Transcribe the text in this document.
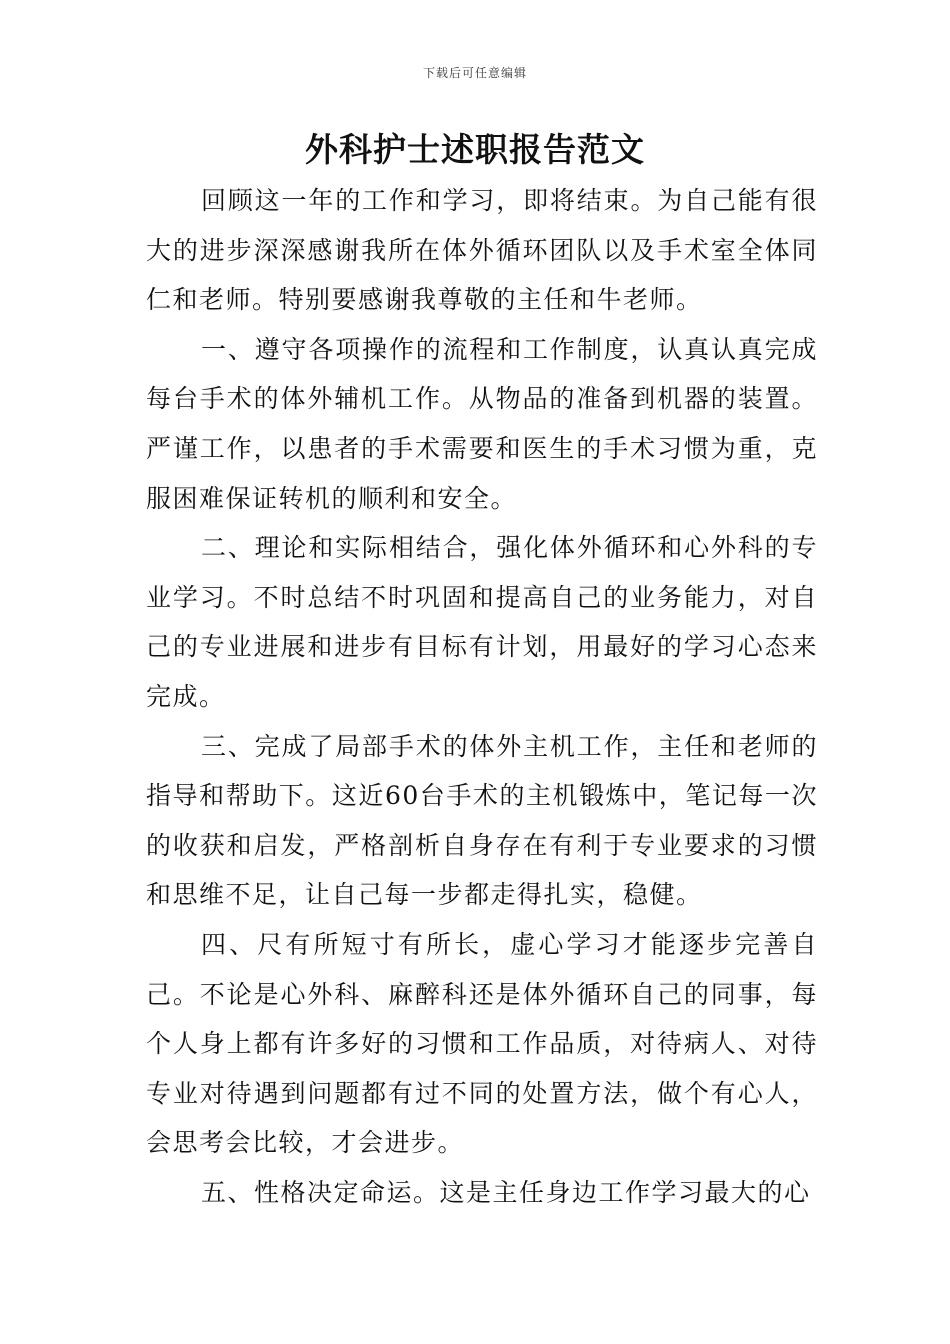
下载后可任意编辑
外科护士述职报告范文

回顾这一年的工作和学习，即将结束。为自己能有很大的进步深深感谢我所在体外循环团队以及手术室全体同仁和老师。特别要感谢我尊敬的主任和牛老师。

一、遵守各项操作的流程和工作制度，认真认真完成每台手术的体外辅机工作。从物品的准备到机器的装置。严谨工作，以患者的手术需要和医生的手术习惯为重，克服困难保证转机的顺利和安全。

二、理论和实际相结合，强化体外循环和心外科的专业学习。不时总结不时巩固和提高自己的业务能力，对自己的专业进展和进步有目标有计划，用最好的学习心态来完成。

三、完成了局部手术的体外主机工作，主任和老师的指导和帮助下。这近60台手术的主机锻炼中，笔记每一次的收获和启发，严格剖析自身存在有利于专业要求的习惯和思维不足，让自己每一步都走得扎实，稳健。

四、尺有所短寸有所长，虚心学习才能逐步完善自己。不论是心外科、麻醉科还是体外循环自己的同事，每个人身上都有许多好的习惯和工作品质，对待病人、对待专业对待遇到问题都有过不同的处置方法，做个有心人，会思考会比较，才会进步。

五、性格决定命运。这是主任身边工作学习最大的心
